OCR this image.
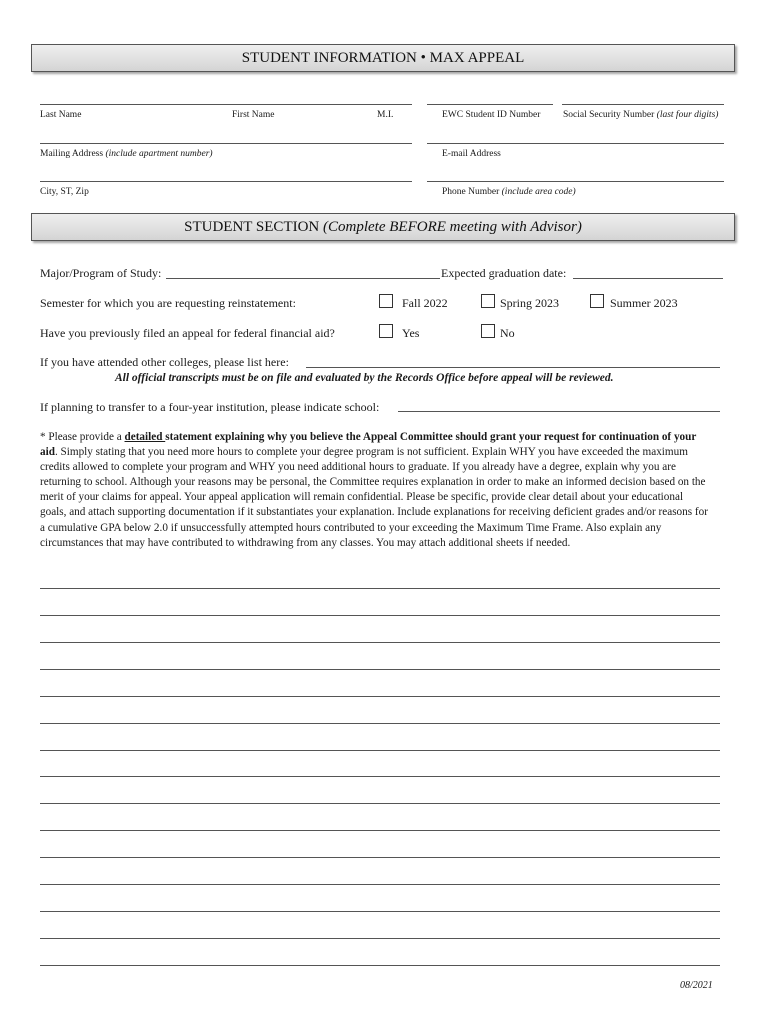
STUDENT INFORMATION • MAX APPEAL
Last Name	First Name	M.I.	EWC Student ID Number Social Security Number (last four digits)
Mailing Address (include apartment number)	E-mail Address
City, ST, Zip	Phone Number (include area code)
STUDENT SECTION (Complete BEFORE meeting with Advisor)
Major/Program of Study:	Expected graduation date:
Semester for which you are requesting reinstatement:	Fall 2022	Spring 2023	Summer 2023
Have you previously filed an appeal for federal financial aid?	Yes	No
If you have attended other colleges, please list here:
All official transcripts must be on file and evaluated by the Records Office before appeal will be reviewed.
If planning to transfer to a four-year institution, please indicate school:
* Please provide a detailed statement explaining why you believe the Appeal Committee should grant your request for continuation of your aid. Simply stating that you need more hours to complete your degree program is not sufficient. Explain WHY you have exceeded the maximum credits allowed to complete your program and WHY you need additional hours to graduate. If you already have a degree, explain why you are returning to school. Although your reasons may be personal, the Committee requires explanation in order to make an informed decision based on the merit of your claims for appeal. Your appeal application will remain confidential. Please be specific, provide clear detail about your educational goals, and attach supporting documentation if it substantiates your explanation. Include explanations for receiving deficient grades and/or reasons for a cumulative GPA below 2.0 if unsuccessfully attempted hours contributed to your exceeding the Maximum Time Frame. Also explain any circumstances that may have contributed to withdrawing from any classes. You may attach additional sheets if needed.
08/2021
